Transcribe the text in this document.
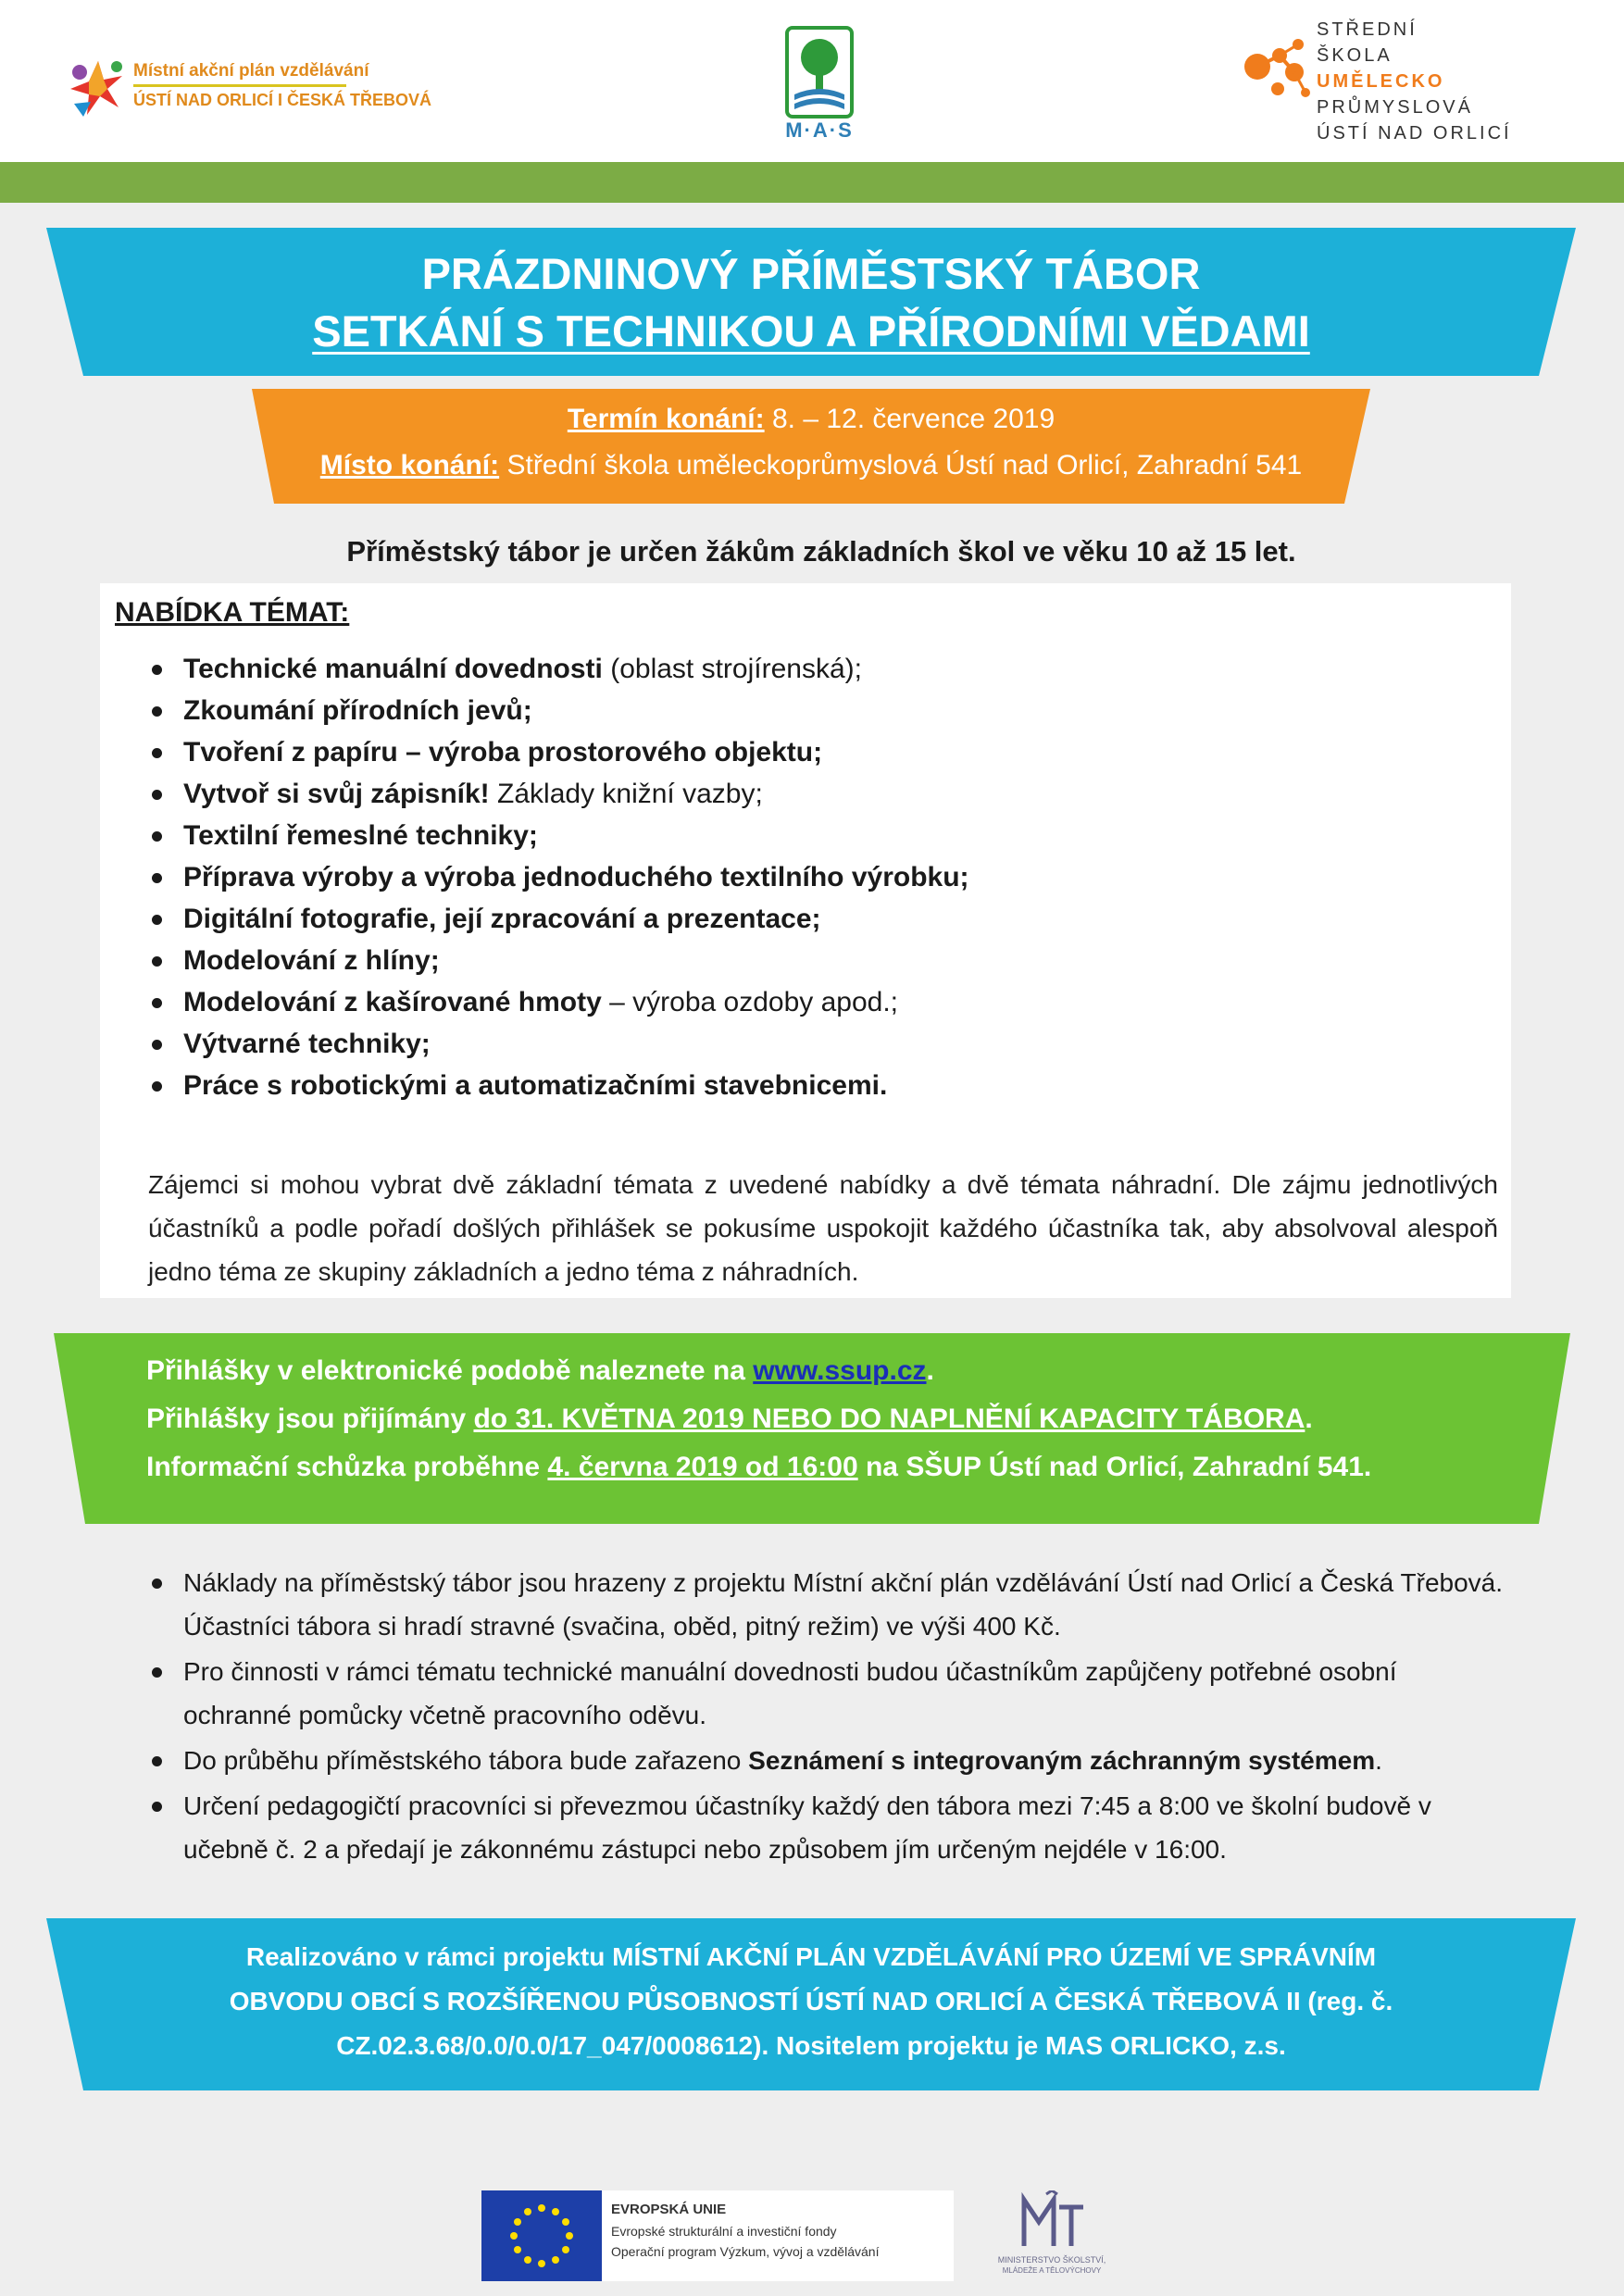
Místní akční plán vzdělávání
ÚSTÍ NAD ORLICÍ I ČESKÁ TŘEBOVÁ
M·A·S
STŘEDNÍ
ŠKOLA
UMĚLECKO
PRŮMYSLOVÁ
ÚSTÍ NAD ORLICÍ
PRÁZDNINOVÝ PŘÍMĚSTSKÝ TÁBOR
SETKÁNÍ S TECHNIKOU A PŘÍRODNÍMI VĚDAMI
Termín konání: 8. – 12. července 2019
Místo konání: Střední škola uměleckoprůmyslová Ústí nad Orlicí, Zahradní 541
Příměstský tábor je určen žákům základních škol ve věku 10 až 15 let.
NABÍDKA TÉMAT:
Technické manuální dovednosti (oblast strojírenská);
Zkoumání přírodních jevů;
Tvoření z papíru – výroba prostorového objektu;
Vytvoř si svůj zápisník! Základy knižní vazby;
Textilní řemeslné techniky;
Příprava výroby a výroba jednoduchého textilního výrobku;
Digitální fotografie, její zpracování a prezentace;
Modelování z hlíny;
Modelování z kašírované hmoty – výroba ozdoby apod.;
Výtvarné techniky;
Práce s robotickými a automatizačními stavebnicemi.
Zájemci si mohou vybrat dvě základní témata z uvedené nabídky a dvě témata náhradní. Dle zájmu jednotlivých účastníků a podle pořadí došlých přihlášek se pokusíme uspokojit každého účastníka tak, aby absolvoval alespoň jedno téma ze skupiny základních a jedno téma z náhradních.
Přihlášky v elektronické podobě naleznete na www.ssup.cz.
Přihlášky jsou přijímány do 31. KVĚTNA 2019 NEBO DO NAPLNĚNÍ KAPACITY TÁBORA.
Informační schůzka proběhne 4. června 2019 od 16:00 na SŠUP Ústí nad Orlicí, Zahradní 541.
Náklady na příměstský tábor jsou hrazeny z projektu Místní akční plán vzdělávání Ústí nad Orlicí a Česká Třebová. Účastníci tábora si hradí stravné (svačina, oběd, pitný režim) ve výši 400 Kč.
Pro činnosti v rámci tématu technické manuální dovednosti budou účastníkům zapůjčeny potřebné osobní ochranné pomůcky včetně pracovního oděvu.
Do průběhu příměstského tábora bude zařazeno Seznámení s integrovaným záchranným systémem.
Určení pedagogičtí pracovníci si převezmou účastníky každý den tábora mezi 7:45 a 8:00 ve školní budově v učebně č. 2 a předají je zákonnému zástupci nebo způsobem jím určeným nejdéle v 16:00.
Realizováno v rámci projektu MÍSTNÍ AKČNÍ PLÁN VZDĚLÁVÁNÍ PRO ÚZEMÍ VE SPRÁVNÍM
OBVODU OBCÍ S ROZŠÍŘENOU PŮSOBNOSTÍ ÚSTÍ NAD ORLICÍ A ČESKÁ TŘEBOVÁ II (reg. č.
CZ.02.3.68/0.0/0.0/17_047/0008612). Nositelem projektu je MAS ORLICKO, z.s.
EVROPSKÁ UNIE
Evropské strukturální a investiční fondy
Operační program Výzkum, vývoj a vzdělávání
MINISTERSTVO ŠKOLSTVÍ,
MLÁDEŽE A TĚLOVÝCHOVY
